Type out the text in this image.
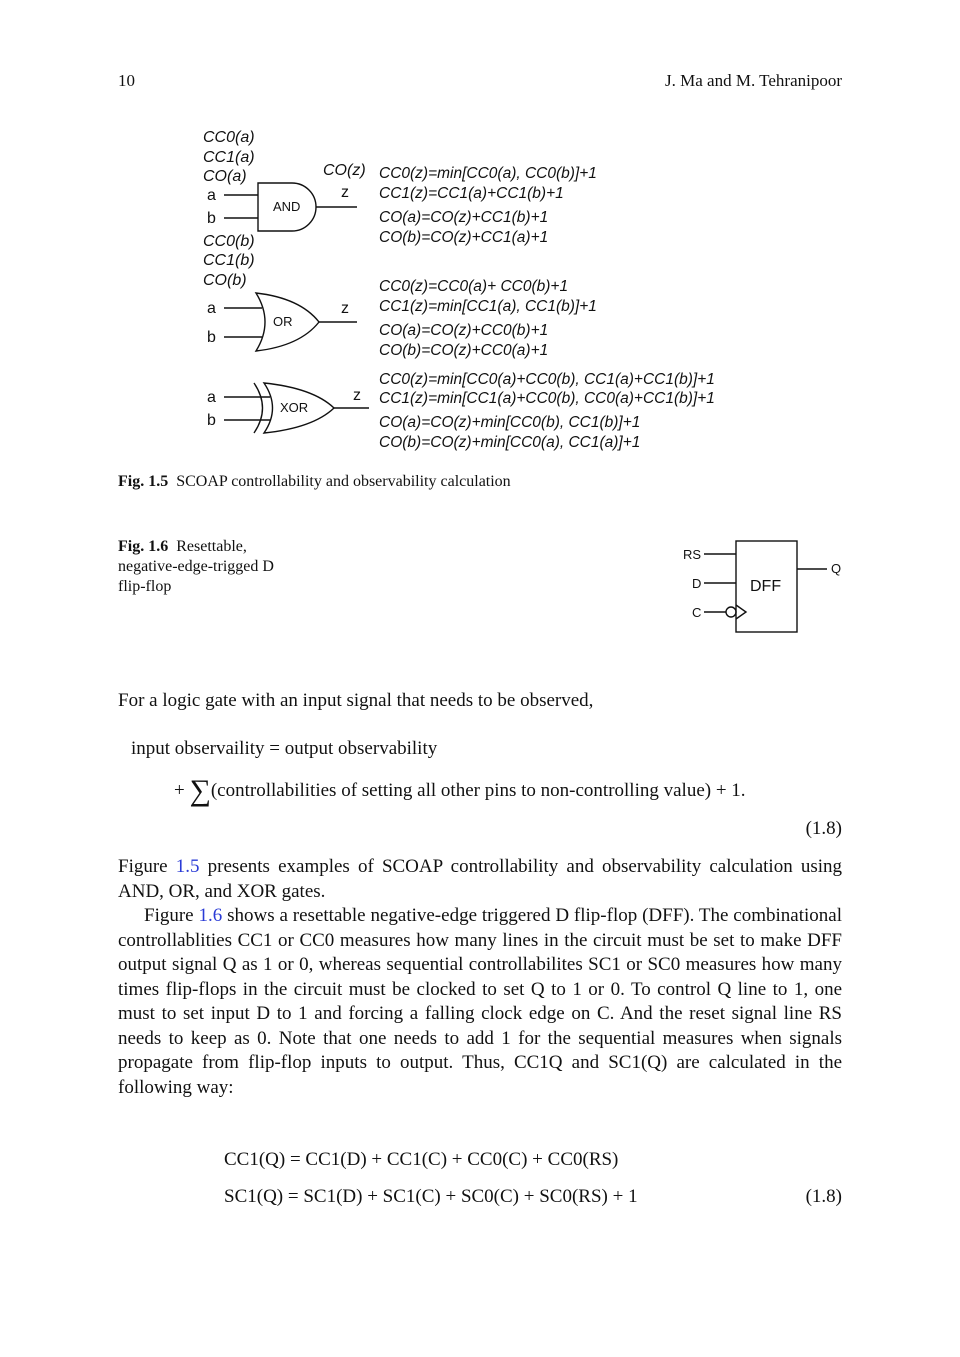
10	J. Ma and M. Tehranipoor
CC0(a)
CC1(a)
CO(a)
a
b
AND
CO(z)
z
CC0(b)
CC1(b)
CO(b)
CC0(z)=min[CC0(a), CC0(b)]+1
CC1(z)=CC1(a)+CC1(b)+1
CO(a)=CO(z)+CC1(b)+1
CO(b)=CO(z)+CC1(a)+1
a
b
OR
z
CC0(z)=CC0(a)+ CC0(b)+1
CC1(z)=min[CC1(a), CC1(b)]+1
CO(a)=CO(z)+CC0(b)+1
CO(b)=CO(z)+CC0(a)+1
a
b
XOR
z
CC0(z)=min[CC0(a)+CC0(b), CC1(a)+CC1(b)]+1
CC1(z)=min[CC1(a)+CC0(b), CC0(a)+CC1(b)]+1
CO(a)=CO(z)+min[CC0(b), CC1(b)]+1
CO(b)=CO(z)+min[CC0(a), CC1(a)]+1
RS
D
C
DFF
Q
Fig. 1.5 SCOAP controllability and observability calculation
Fig. 1.6 Resettable,
negative-edge-trigged D
flip-flop
For a logic gate with an input signal that needs to be observed,
input observaility = output observability
+ ∑(controllabilities of setting all other pins to non-controlling value) + 1.
(1.8)
Figure 1.5 presents examples of SCOAP controllability and observability calculation using AND, OR, and XOR gates.
Figure 1.6 shows a resettable negative-edge triggered D flip-flop (DFF). The combinational controllablities CC1 or CC0 measures how many lines in the circuit must be set to make DFF output signal Q as 1 or 0, whereas sequential controllabilites SC1 or SC0 measures how many times flip-flops in the circuit must be clocked to set Q to 1 or 0. To control Q line to 1, one must to set input D to 1 and forcing a falling clock edge on C. And the reset signal line RS needs to keep as 0. Note that one needs to add 1 for the sequential measures when signals propagate from flip-flop inputs to output. Thus, CC1Q and SC1(Q) are calculated in the following way:
CC1(Q) = CC1(D) + CC1(C) + CC0(C) + CC0(RS)
SC1(Q) = SC1(D) + SC1(C) + SC0(C) + SC0(RS) + 1	(1.8)
